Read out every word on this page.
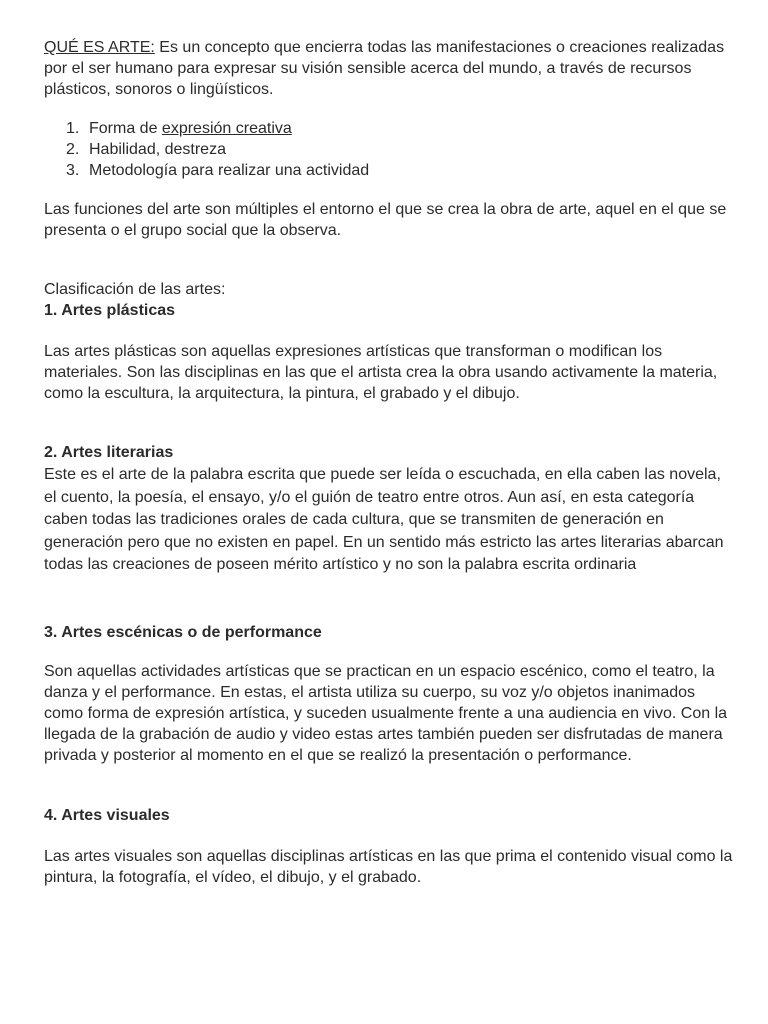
QUÉ ES ARTE: Es un concepto que encierra todas las manifestaciones o creaciones realizadas por el ser humano para expresar su visión sensible acerca del mundo, a través de recursos plásticos, sonoros o lingüísticos.

1. Forma de expresión creativa
2. Habilidad, destreza
3. Metodología para realizar una actividad

Las funciones del arte son múltiples el entorno el que se crea la obra de arte, aquel en el que se presenta o el grupo social que la observa.

Clasificación de las artes:

1. Artes plásticas

Las artes plásticas son aquellas expresiones artísticas que transforman o modifican los materiales. Son las disciplinas en las que el artista crea la obra usando activamente la materia, como la escultura, la arquitectura, la pintura, el grabado y el dibujo.

2. Artes literarias

Este es el arte de la palabra escrita que puede ser leída o escuchada, en ella caben las novela, el cuento, la poesía, el ensayo, y/o el guión de teatro entre otros. Aun así, en esta categoría caben todas las tradiciones orales de cada cultura, que se transmiten de generación en generación pero que no existen en papel. En un sentido más estricto las artes literarias abarcan todas las creaciones de poseen mérito artístico y no son la palabra escrita ordinaria

3. Artes escénicas o de performance

Son aquellas actividades artísticas que se practican en un espacio escénico, como el teatro, la danza y el performance. En estas, el artista utiliza su cuerpo, su voz y/o objetos inanimados como forma de expresión artística, y suceden usualmente frente a una audiencia en vivo. Con la llegada de la grabación de audio y video estas artes también pueden ser disfrutadas de manera privada y posterior al momento en el que se realizó la presentación o performance.

4. Artes visuales

Las artes visuales son aquellas disciplinas artísticas en las que prima el contenido visual como la pintura, la fotografía, el vídeo, el dibujo, y el grabado.
